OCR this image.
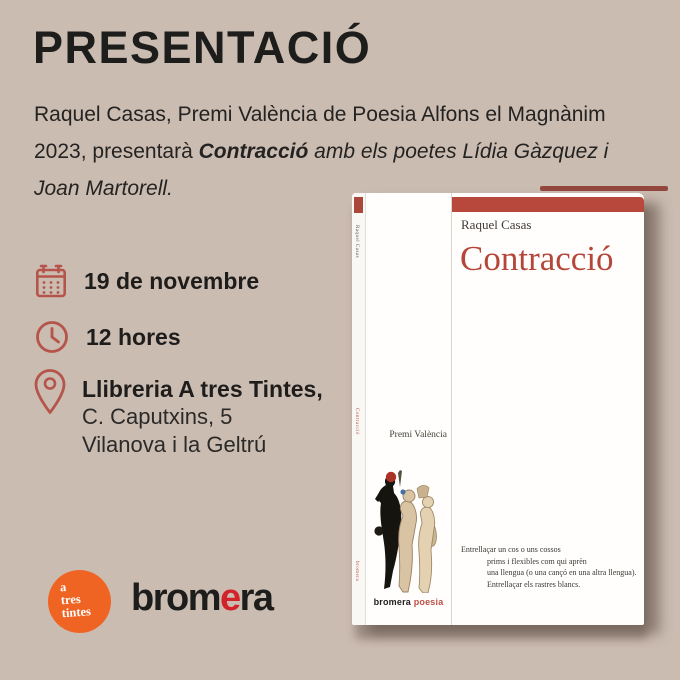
PRESENTACIÓ

Raquel Casas, Premi València de Poesia Alfons el Magnànim 2023, presentarà Contracció amb els poetes Lídia Gàzquez i Joan Martorell.

19 de novembre
12 hores
Llibreria A tres Tintes,
C. Caputxins, 5
Vilanova i la Geltrú
Raquel Casas
Contracció
bromera
Premi València
bromera poesia
Raquel Casas
Contracció
Entrellaçar un cos o uns cossos
prims i flexibles com qui aprèn
una llengua (o una cançó en una altra llengua).
Entrellaçar els rastres blancs.
a
tres
tintes	bromera
